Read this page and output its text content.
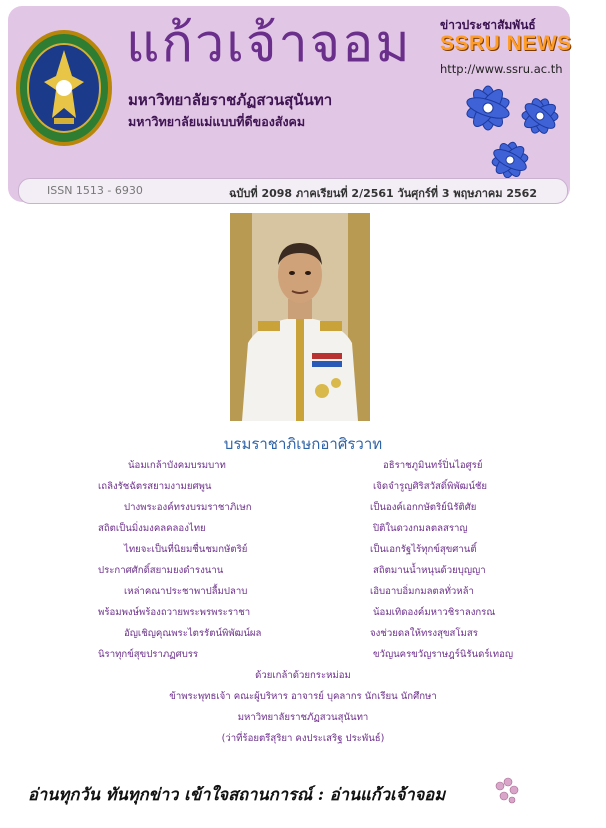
แก้วเจ้าจอม
มหาวิทยาลัยราชภัฏสวนสุนันทา
มหาวิทยาลัยแม่แบบที่ดีของสังคม
ข่าวประชาสัมพันธ์
SSRU NEWS
http://www.ssru.ac.th
ISSN 1513 - 6930	ฉบับที่ 2098 ภาคเรียนที่ 2/2561 วันศุกร์ที่ 3 พฤษภาคม 2562
บรมราชาภิเษกอาศิรวาท
น้อมเกล้าบังคมบรมบาท	อธิราชภูมินทร์ปิ่นไอศูรย์
เถลิงรัชฉัตรสยามงามยศพูน	เจิดจำรูญศิริสวัสดิ์พิพัฒน์ชัย
ปางพระองค์ทรงบรมราชาภิเษก	เป็นองค์เอกกษัตริย์นิรัติศัย
สถิตเป็นมิ่งมงคลคลองไทย	ปิติในดวงกมลตลสราญ
ไทยจะเป็นที่นิยมชื่นชมกษัตริย์	เป็นเอกรัฐไร้ทุกข์สุขศานติ์
ประกาศศักดิ์สยามยงดำรงนาน	สถิตมานน้ำหนุนด้วยบุญญา
เหล่าคณาประชาพาปลื้มปลาบ	เอิบอาบอิ่มกมลตลทั่วหล้า
พร้อมพงษ์พร้องถวายพระพรพระราชา	น้อมเทิดองค์มหาวชิราลงกรณ
อัญเชิญคุณพระไตรรัตน์พิพัฒน์ผล	จงช่วยดลให้ทรงสุขสโมสร
นิราทุกข์สุขปราภฏศบรร	ขวัญนครขวัญราษฎร์นิรันดร์เทอญ
ด้วยเกล้าด้วยกระหม่อม
ข้าพระพุทธเจ้า คณะผู้บริหาร อาจารย์ บุคลากร นักเรียน นักศึกษา
มหาวิทยาลัยราชภัฏสวนสุนันทา
(ว่าที่ร้อยตรีสุริยา คงประเสริฐ ประพันธ์)
อ่านทุกวัน ทันทุกข่าว เข้าใจสถานการณ์ : อ่านแก้วเจ้าจอม
